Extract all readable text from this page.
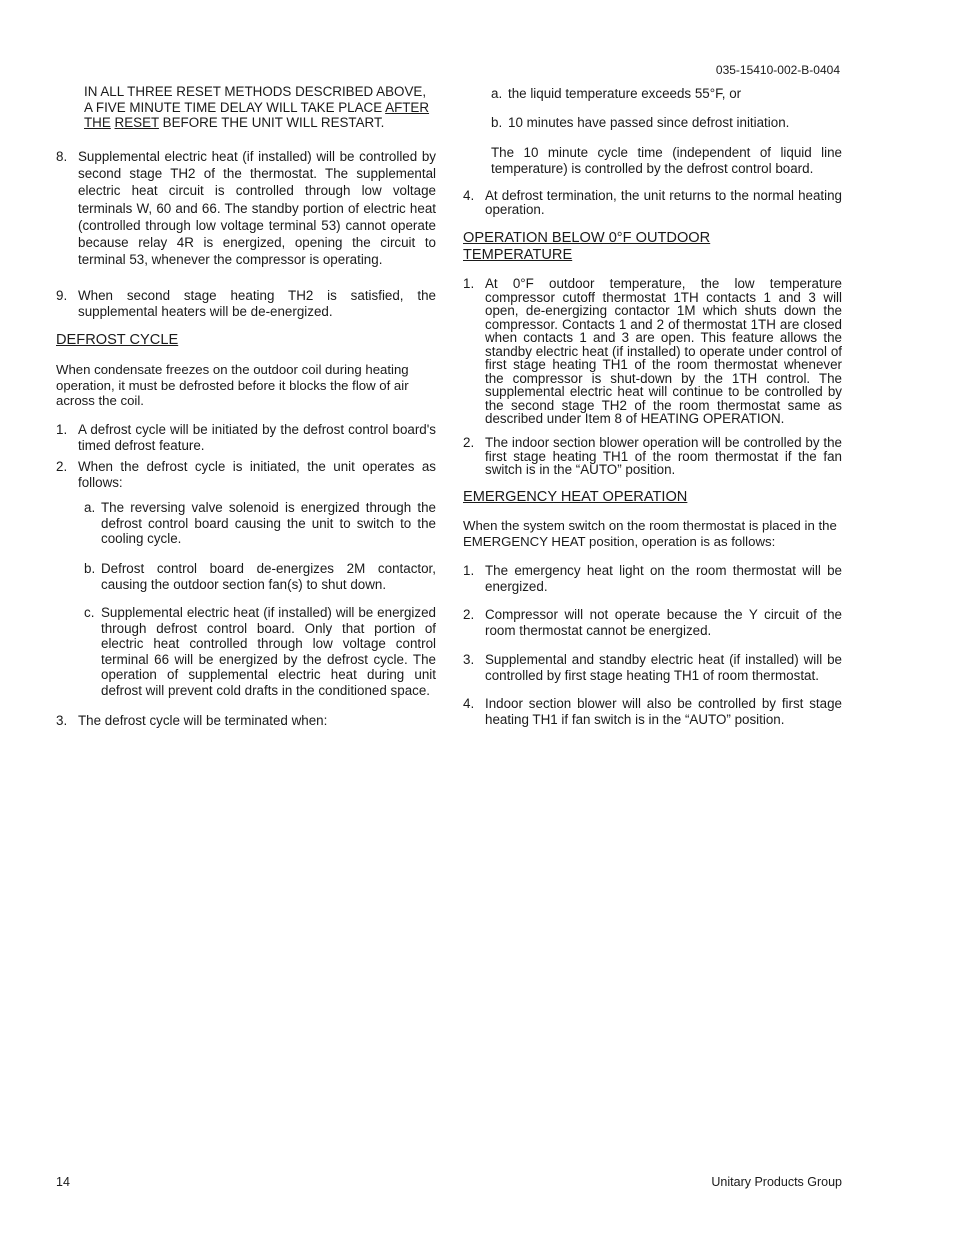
035-15410-002-B-0404

IN ALL THREE RESET METHODS DESCRIBED ABOVE, A FIVE MINUTE TIME DELAY WILL TAKE PLACE AFTER THE RESET BEFORE THE UNIT WILL RESTART.

8. Supplemental electric heat (if installed) will be controlled by second stage TH2 of the thermostat. The supplemental electric heat circuit is controlled through low voltage terminals W, 60 and 66. The standby portion of electric heat (controlled through low voltage terminal 53) cannot operate because relay 4R is energized, opening the circuit to terminal 53, whenever the compressor is operating.
9. When second stage heating TH2 is satisfied, the supplemental heaters will be de-energized.

DEFROST CYCLE

When condensate freezes on the outdoor coil during heating operation, it must be defrosted before it blocks the flow of air across the coil.

1. A defrost cycle will be initiated by the defrost control board's timed defrost feature.
2. When the defrost cycle is initiated, the unit operates as follows:
a. The reversing valve solenoid is energized through the defrost control board causing the unit to switch to the cooling cycle.
b. Defrost control board de-energizes 2M contactor, causing the outdoor section fan(s) to shut down.
c. Supplemental electric heat (if installed) will be energized through defrost control board. Only that portion of electric heat controlled through low voltage control terminal 66 will be energized by the defrost cycle. The operation of supplemental electric heat during unit defrost will prevent cold drafts in the conditioned space.
3. The defrost cycle will be terminated when:
a. the liquid temperature exceeds 55°F, or
b. 10 minutes have passed since defrost initiation.

The 10 minute cycle time (independent of liquid line temperature) is controlled by the defrost control board.

4. At defrost termination, the unit returns to the normal heating operation.

OPERATION BELOW 0°F OUTDOOR TEMPERATURE

1. At 0°F outdoor temperature, the low temperature compressor cutoff thermostat 1TH contacts 1 and 3 will open, de-energizing contactor 1M which shuts down the compressor. Contacts 1 and 2 of thermostat 1TH are closed when contacts 1 and 3 are open. This feature allows the standby electric heat (if installed) to operate under control of first stage heating TH1 of the room thermostat whenever the compressor is shut-down by the 1TH control. The supplemental electric heat will continue to be controlled by the second stage TH2 of the room thermostat same as described under Item 8 of HEATING OPERATION.
2. The indoor section blower operation will be controlled by the first stage heating TH1 of the room thermostat if the fan switch is in the “AUTO” position.

EMERGENCY HEAT OPERATION

When the system switch on the room thermostat is placed in the EMERGENCY HEAT position, operation is as follows:

1. The emergency heat light on the room thermostat will be energized.
2. Compressor will not operate because the Y circuit of the room thermostat cannot be energized.
3. Supplemental and standby electric heat (if installed) will be controlled by first stage heating TH1 of room thermostat.
4. Indoor section blower will also be controlled by first stage heating TH1 if fan switch is in the “AUTO” position.
14	Unitary Products Group
